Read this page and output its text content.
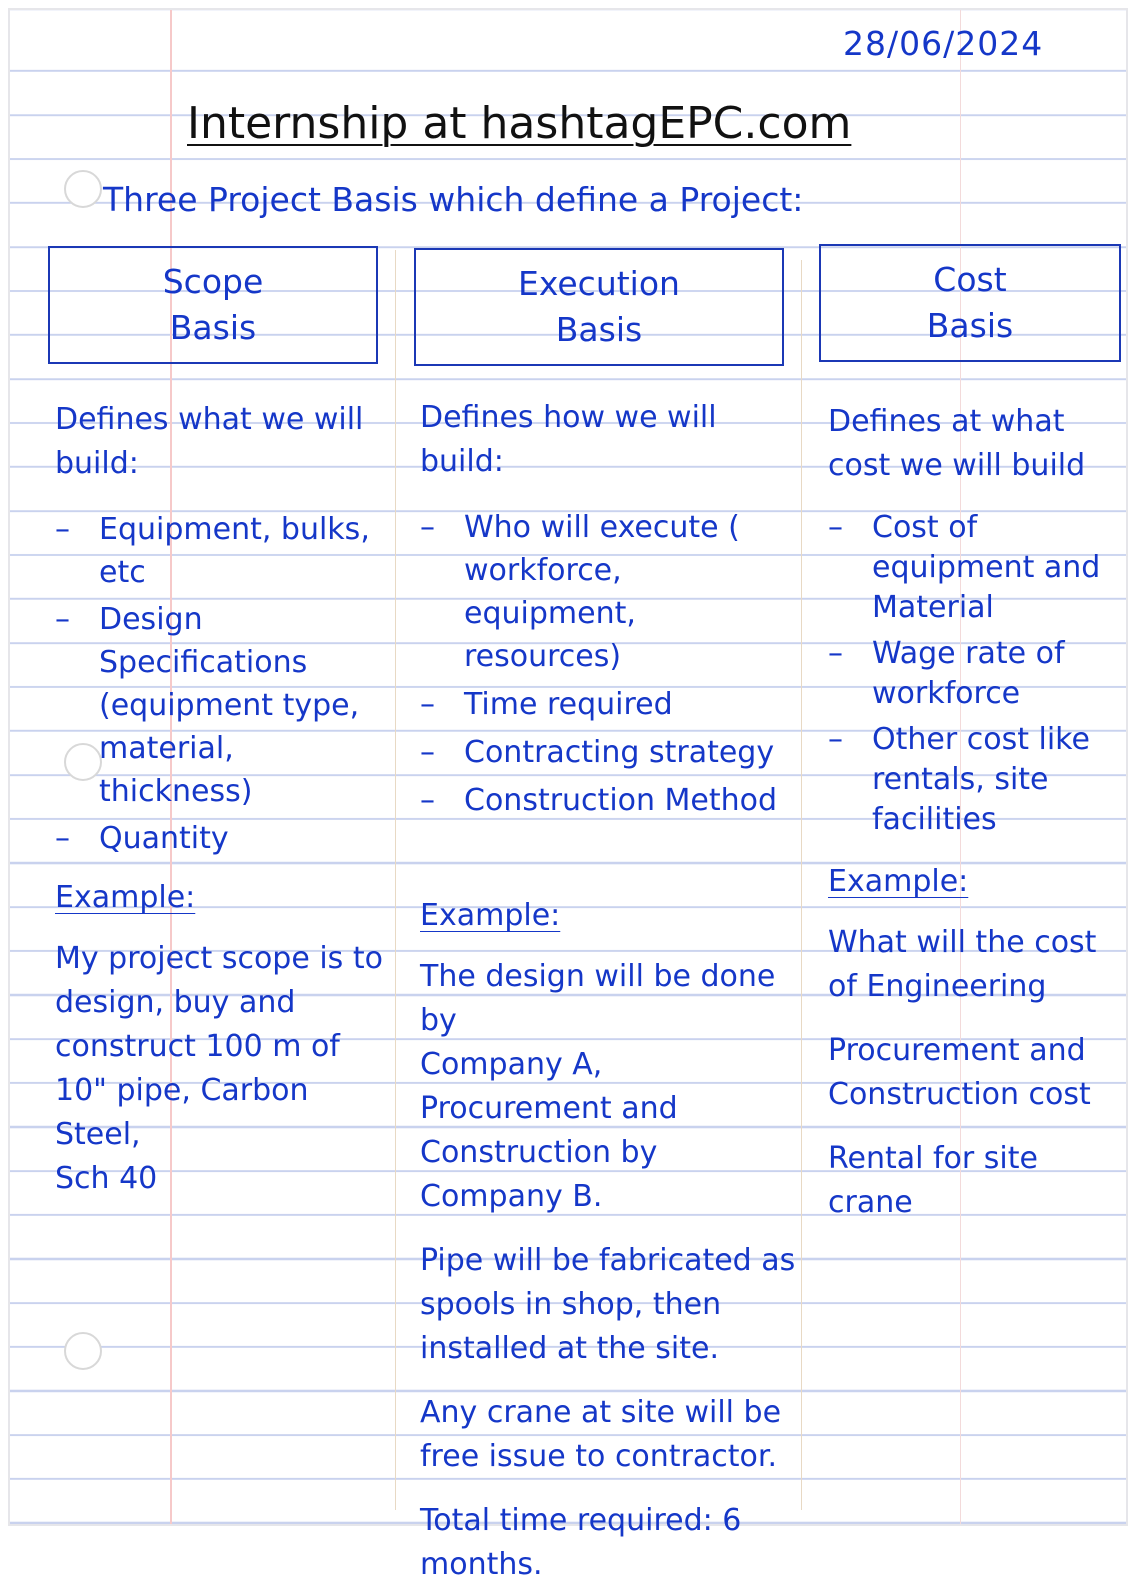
28/06/2024
Internship at hashtagEPC.com
Three Project Basis which define a Project:
Scope
Basis
Execution
Basis
Cost
Basis

Defines what we will
build:

– Equipment, bulks,
etc
– Design
Specifications
(equipment type,
material, thickness)
– Quantity

Example:

My project scope is to
design, buy and
construct 100 m of
10" pipe, Carbon Steel,
Sch 40

Defines how we will
build:

– Who will execute (
workforce, equipment,
resources)
– Time required
– Contracting strategy
– Construction Method

Example:

The design will be done by
Company A,
Procurement and
Construction by
Company B.

Pipe will be fabricated as
spools in shop, then
installed at the site.

Any crane at site will be
free issue to contractor.

Total time required: 6
months.

Defines at what
cost we will build

– Cost of
equipment and
Material
– Wage rate of
workforce
– Other cost like
rentals, site
facilities

Example:

What will the cost
of Engineering

Procurement and
Construction cost

Rental for site
crane
